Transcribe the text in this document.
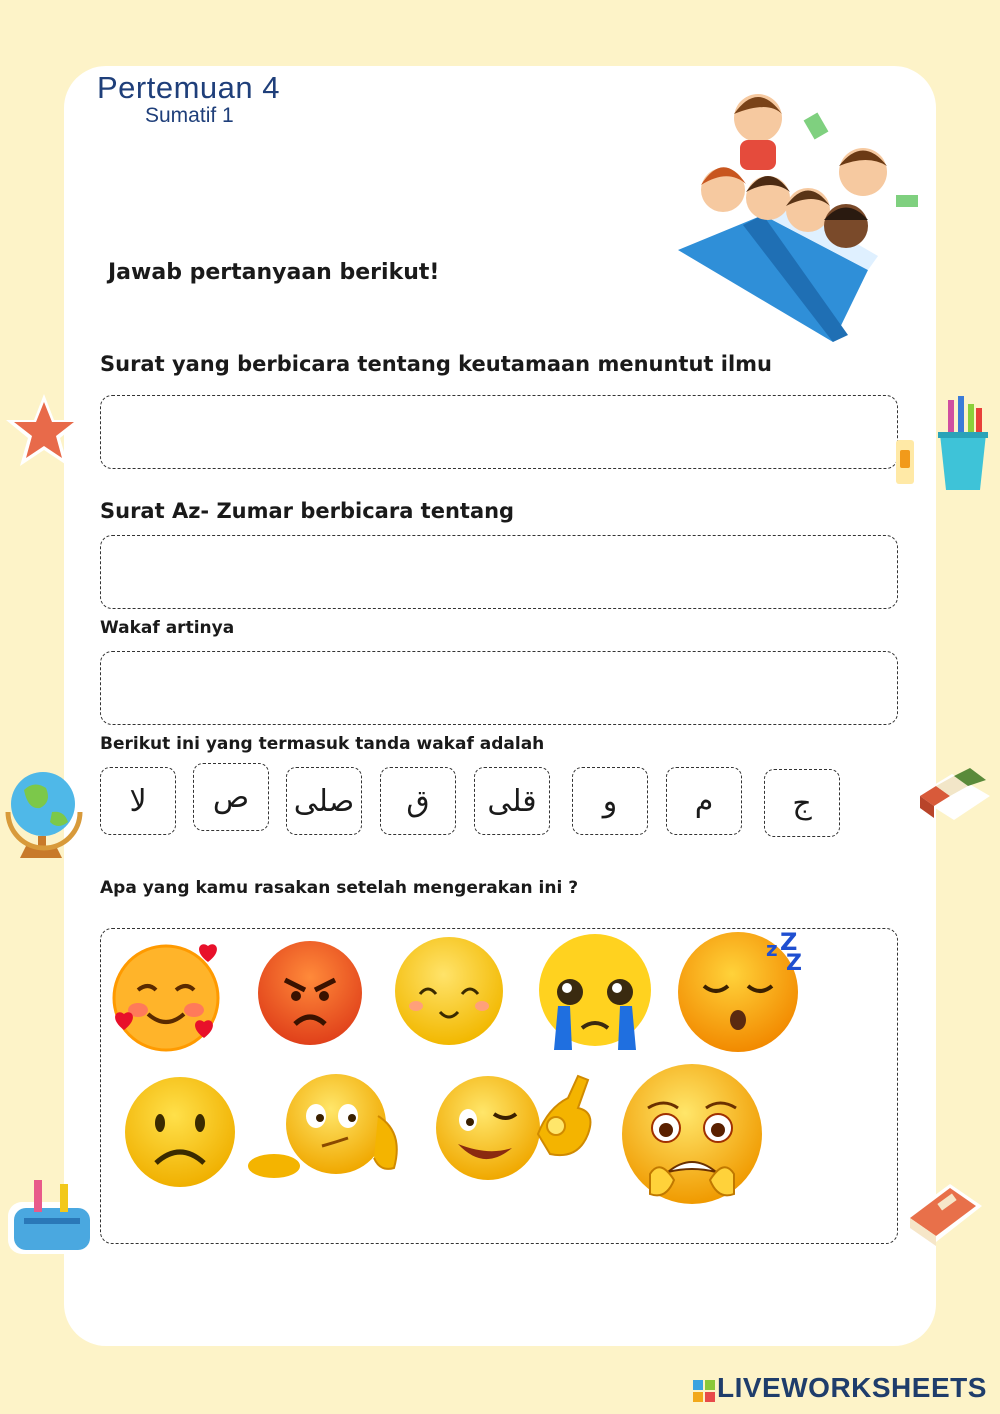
Pertemuan 4
Sumatif 1
Jawab pertanyaan berikut!
Surat yang berbicara tentang keutamaan menuntut ilmu
Surat Az- Zumar berbicara tentang
Wakaf artinya
Berikut ini yang termasuk tanda wakaf adalah
لا	ص	صلى	ق	قلى	و	م	ج
Apa yang kamu rasakan setelah mengerakan ini ?
z Z
Z
LIVEWORKSHEETS
